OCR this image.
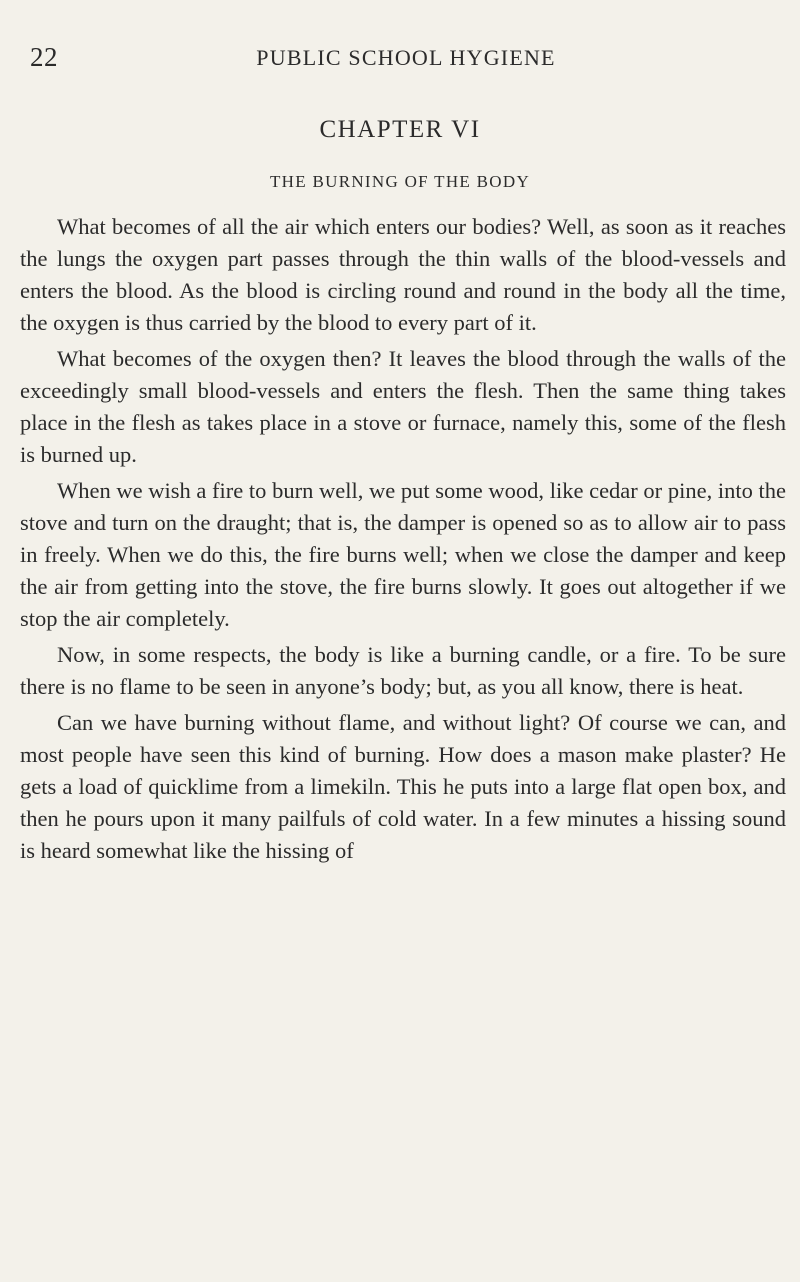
22	PUBLIC SCHOOL HYGIENE
CHAPTER VI
THE BURNING OF THE BODY

What becomes of all the air which enters our bodies? Well, as soon as it reaches the lungs the oxygen part passes through the thin walls of the blood-vessels and enters the blood. As the blood is circling round and round in the body all the time, the oxygen is thus carried by the blood to every part of it.

What becomes of the oxygen then? It leaves the blood through the walls of the exceedingly small blood-vessels and enters the flesh. Then the same thing takes place in the flesh as takes place in a stove or furnace, namely this, some of the flesh is burned up.

When we wish a fire to burn well, we put some wood, like cedar or pine, into the stove and turn on the draught; that is, the damper is opened so as to allow air to pass in freely. When we do this, the fire burns well; when we close the damper and keep the air from getting into the stove, the fire burns slowly. It goes out altogether if we stop the air completely.

Now, in some respects, the body is like a burning candle, or a fire. To be sure there is no flame to be seen in anyone’s body; but, as you all know, there is heat.

Can we have burning without flame, and without light? Of course we can, and most people have seen this kind of burning. How does a mason make plaster? He gets a load of quicklime from a limekiln. This he puts into a large flat open box, and then he pours upon it many pailfuls of cold water. In a few minutes a hissing sound is heard somewhat like the hissing of
